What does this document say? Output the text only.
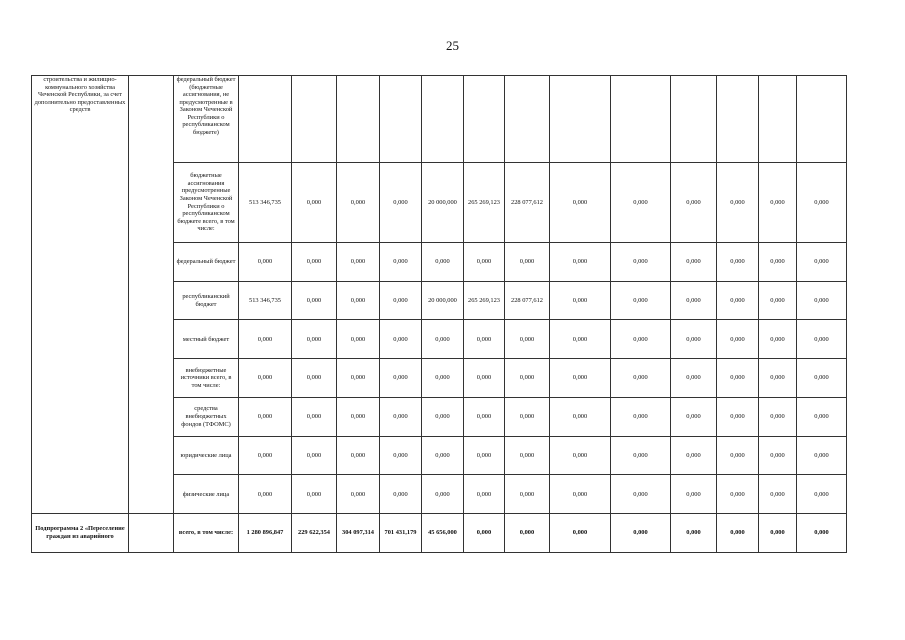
25
строительства и жилищно-коммунального хозяйства Чеченской Республики, за счет дополнительно предоставленных средств		федеральный бюджет (бюджетные ассигнования, не предусмотренные в Законом Чеченской Республики о республиканском бюджете)														
		бюджетные ассигнования предусмотренные Законом Чеченской Республики о республиканском бюджете всего, в том числе:	513 346,735	0,000	0,000	0,000	20 000,000	265 269,123	228 077,612	0,000	0,000	0,000	0,000	0,000	0,000	
		федеральный бюджет	0,000	0,000	0,000	0,000	0,000	0,000	0,000	0,000	0,000	0,000	0,000	0,000	0,000	
		республиканский бюджет	513 346,735	0,000	0,000	0,000	20 000,000	265 269,123	228 077,612	0,000	0,000	0,000	0,000	0,000	0,000	
		местный бюджет	0,000	0,000	0,000	0,000	0,000	0,000	0,000	0,000	0,000	0,000	0,000	0,000	0,000	
		внебюджетные источники всего, в том числе:	0,000	0,000	0,000	0,000	0,000	0,000	0,000	0,000	0,000	0,000	0,000	0,000	0,000	
		средства внебюджетных фондов (ТФОМС)	0,000	0,000	0,000	0,000	0,000	0,000	0,000	0,000	0,000	0,000	0,000	0,000	0,000	
		юридические лица	0,000	0,000	0,000	0,000	0,000	0,000	0,000	0,000	0,000	0,000	0,000	0,000	0,000	
		физические лица	0,000	0,000	0,000	0,000	0,000	0,000	0,000	0,000	0,000	0,000	0,000	0,000	0,000	
Подпрограмма 2 «Переселение граждан из аварийного		всего, в том числе:	1 280 896,847	229 622,354	304 097,314	701 431,179	45 656,000	0,000	0,000	0,000	0,000	0,000	0,000	0,000	0,000	
